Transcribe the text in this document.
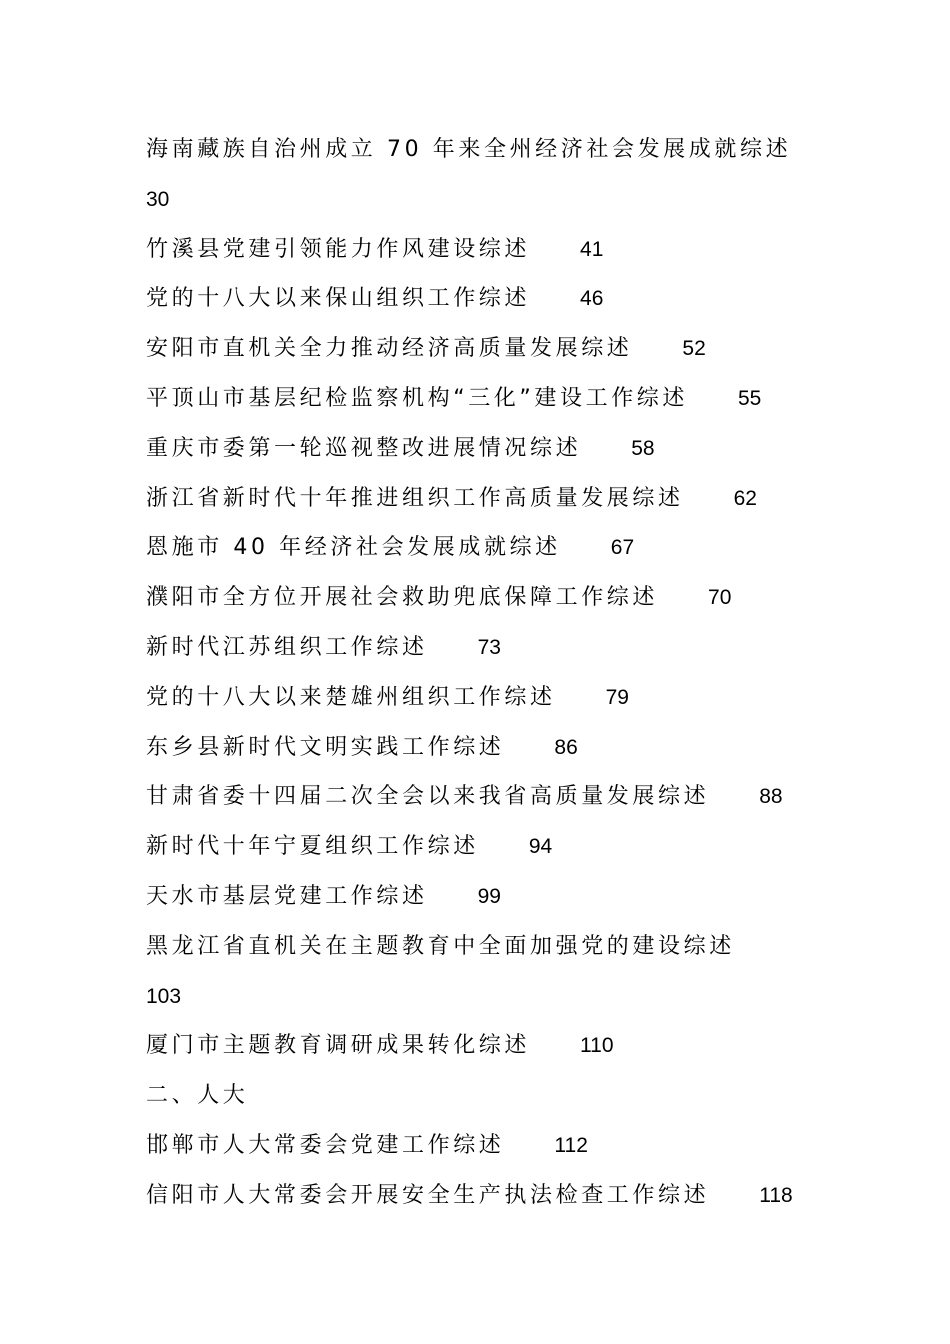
海南藏族自治州成立 70 年来全州经济社会发展成就综述
30
竹溪县党建引领能力作风建设综述 41
党的十八大以来保山组织工作综述 46
安阳市直机关全力推动经济高质量发展综述 52
平顶山市基层纪检监察机构“三化”建设工作综述 55
重庆市委第一轮巡视整改进展情况综述 58
浙江省新时代十年推进组织工作高质量发展综述 62
恩施市 40 年经济社会发展成就综述 67
濮阳市全方位开展社会救助兜底保障工作综述 70
新时代江苏组织工作综述 73
党的十八大以来楚雄州组织工作综述 79
东乡县新时代文明实践工作综述 86
甘肃省委十四届二次全会以来我省高质量发展综述 88
新时代十年宁夏组织工作综述 94
天水市基层党建工作综述 99
黑龙江省直机关在主题教育中全面加强党的建设综述
103
厦门市主题教育调研成果转化综述 110
二、人大
邯郸市人大常委会党建工作综述 112
信阳市人大常委会开展安全生产执法检查工作综述 118
